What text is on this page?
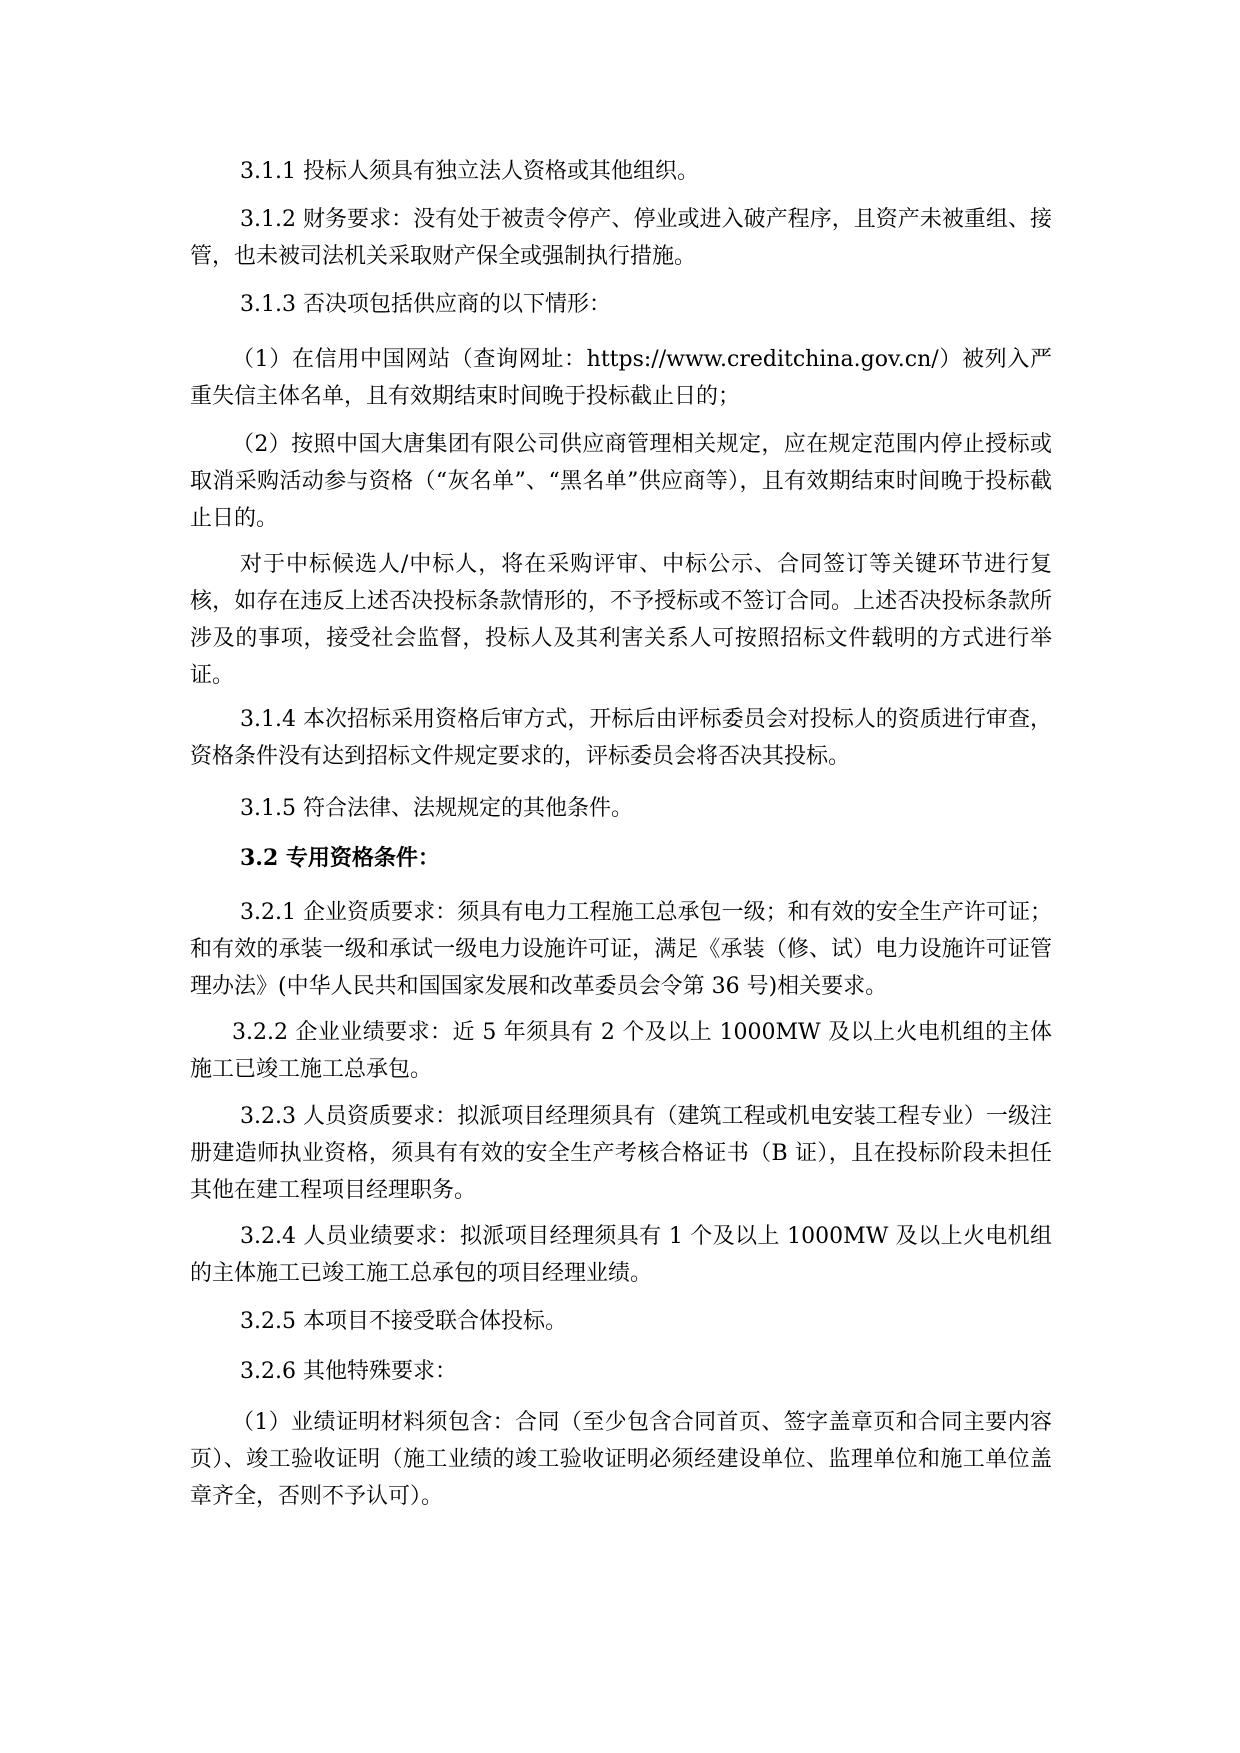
3.1.1 投标人须具有独立法人资格或其他组织。

3.1.2 财务要求：没有处于被责令停产、停业或进入破产程序，且资产未被重组、接管，也未被司法机关采取财产保全或强制执行措施。

3.1.3 否决项包括供应商的以下情形：

（1）在信用中国网站（查询网址：https://www.creditchina.gov.cn/）被列入严重失信主体名单，且有效期结束时间晚于投标截止日的；

（2）按照中国大唐集团有限公司供应商管理相关规定，应在规定范围内停止授标或取消采购活动参与资格（“灰名单”、“黑名单”供应商等），且有效期结束时间晚于投标截止日的。

对于中标候选人/中标人，将在采购评审、中标公示、合同签订等关键环节进行复核，如存在违反上述否决投标条款情形的，不予授标或不签订合同。上述否决投标条款所涉及的事项，接受社会监督，投标人及其利害关系人可按照招标文件载明的方式进行举证。

3.1.4 本次招标采用资格后审方式，开标后由评标委员会对投标人的资质进行审查，资格条件没有达到招标文件规定要求的，评标委员会将否决其投标。

3.1.5 符合法律、法规规定的其他条件。

3.2 专用资格条件：

3.2.1 企业资质要求：须具有电力工程施工总承包一级；和有效的安全生产许可证；和有效的承装一级和承试一级电力设施许可证，满足《承装（修、试）电力设施许可证管理办法》(中华人民共和国国家发展和改革委员会令第 36 号)相关要求。

3.2.2 企业业绩要求：近 5 年须具有 2 个及以上 1000MW 及以上火电机组的主体施工已竣工施工总承包。

3.2.3 人员资质要求：拟派项目经理须具有（建筑工程或机电安装工程专业）一级注册建造师执业资格，须具有有效的安全生产考核合格证书（B 证），且在投标阶段未担任其他在建工程项目经理职务。

3.2.4 人员业绩要求：拟派项目经理须具有 1 个及以上 1000MW 及以上火电机组的主体施工已竣工施工总承包的项目经理业绩。

3.2.5 本项目不接受联合体投标。

3.2.6 其他特殊要求：

（1）业绩证明材料须包含：合同（至少包含合同首页、签字盖章页和合同主要内容页）、竣工验收证明（施工业绩的竣工验收证明必须经建设单位、监理单位和施工单位盖章齐全，否则不予认可）。
